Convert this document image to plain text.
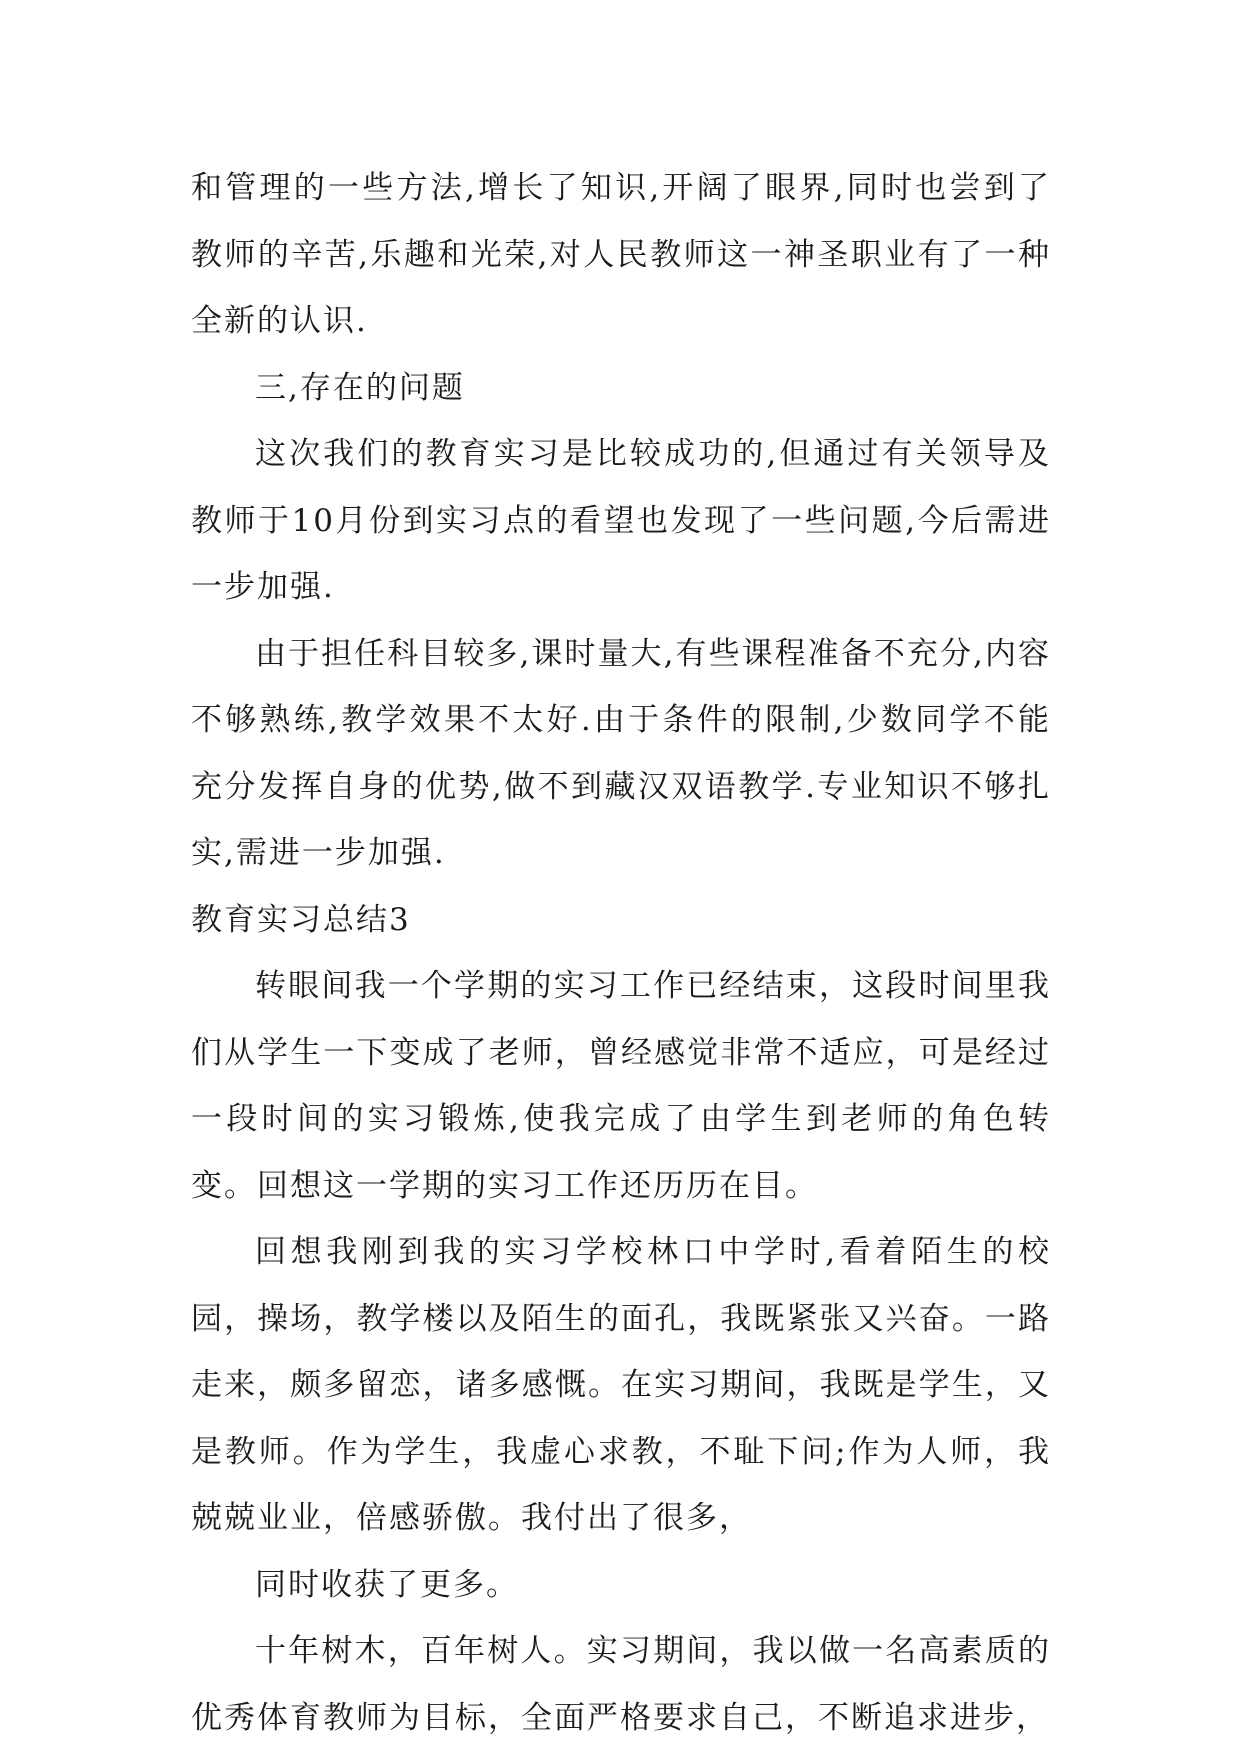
和管理的一些方法,增长了知识,开阔了眼界,同时也尝到了教师的辛苦,乐趣和光荣,对人民教师这一神圣职业有了一种全新的认识.

三,存在的问题

这次我们的教育实习是比较成功的,但通过有关领导及教师于10月份到实习点的看望也发现了一些问题,今后需进一步加强.

由于担任科目较多,课时量大,有些课程准备不充分,内容不够熟练,教学效果不太好.由于条件的限制,少数同学不能充分发挥自身的优势,做不到藏汉双语教学.专业知识不够扎实,需进一步加强.

教育实习总结3

转眼间我一个学期的实习工作已经结束，这段时间里我们从学生一下变成了老师，曾经感觉非常不适应，可是经过一段时间的实习锻炼,使我完成了由学生到老师的角色转变。回想这一学期的实习工作还历历在目。

回想我刚到我的实习学校林口中学时,看着陌生的校园，操场，教学楼以及陌生的面孔，我既紧张又兴奋。一路走来，颇多留恋，诸多感慨。在实习期间，我既是学生，又是教师。作为学生，我虚心求教，不耻下问;作为人师，我兢兢业业，倍感骄傲。我付出了很多，

同时收获了更多。

十年树木，百年树人。实习期间，我以做一名高素质的优秀体育教师为目标，全面严格要求自己，不断追求进步，
